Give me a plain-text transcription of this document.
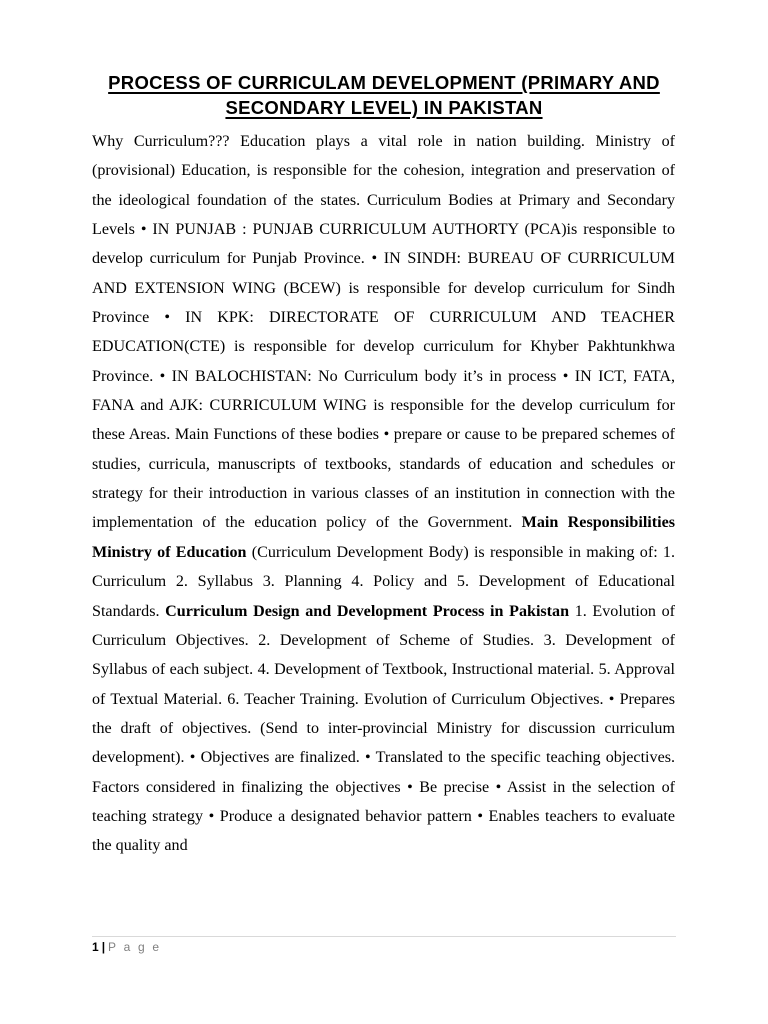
PROCESS OF CURRICULAM DEVELOPMENT (PRIMARY AND SECONDARY LEVEL) IN PAKISTAN

Why Curriculum??? Education plays a vital role in nation building. Ministry of (provisional) Education, is responsible for the cohesion, integration and preservation of the ideological foundation of the states. Curriculum Bodies at Primary and Secondary Levels • IN PUNJAB : PUNJAB CURRICULUM AUTHORTY (PCA)is responsible to develop curriculum for Punjab Province. • IN SINDH: BUREAU OF CURRICULUM AND EXTENSION WING (BCEW) is responsible for develop curriculum for Sindh Province • IN KPK: DIRECTORATE OF CURRICULUM AND TEACHER EDUCATION(CTE) is responsible for develop curriculum for Khyber Pakhtunkhwa Province. • IN BALOCHISTAN: No Curriculum body it’s in process • IN ICT, FATA, FANA and AJK: CURRICULUM WING is responsible for the develop curriculum for these Areas. Main Functions of these bodies • prepare or cause to be prepared schemes of studies, curricula, manuscripts of textbooks, standards of education and schedules or strategy for their introduction in various classes of an institution in connection with the implementation of the education policy of the Government. Main Responsibilities Ministry of Education (Curriculum Development Body) is responsible in making of: 1. Curriculum 2. Syllabus 3. Planning 4. Policy and 5. Development of Educational Standards. Curriculum Design and Development Process in Pakistan 1. Evolution of Curriculum Objectives. 2. Development of Scheme of Studies. 3. Development of Syllabus of each subject. 4. Development of Textbook, Instructional material. 5. Approval of Textual Material. 6. Teacher Training. Evolution of Curriculum Objectives. • Prepares the draft of objectives. (Send to inter-provincial Ministry for discussion curriculum development). • Objectives are finalized. • Translated to the specific teaching objectives. Factors considered in finalizing the objectives • Be precise • Assist in the selection of teaching strategy • Produce a designated behavior pattern • Enables teachers to evaluate the quality and

1 | P a g e
